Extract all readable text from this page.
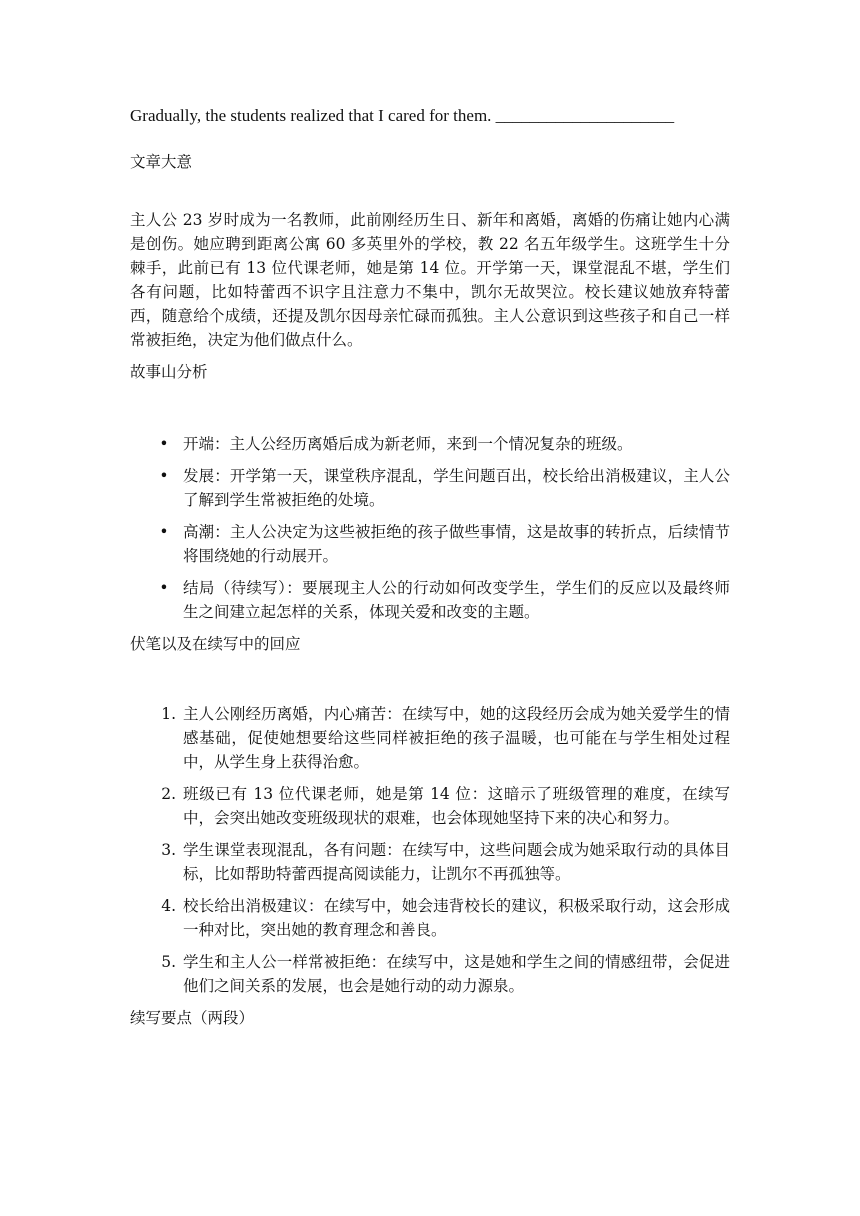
Gradually, the students realized that I cared for them. _____________________

文章大意

主人公 23 岁时成为一名教师，此前刚经历生日、新年和离婚，离婚的伤痛让她内心满是创伤。她应聘到距离公寓 60 多英里外的学校，教 22 名五年级学生。这班学生十分棘手，此前已有 13 位代课老师，她是第 14 位。开学第一天，课堂混乱不堪，学生们各有问题，比如特蕾西不识字且注意力不集中，凯尔无故哭泣。校长建议她放弃特蕾西，随意给个成绩，还提及凯尔因母亲忙碌而孤独。主人公意识到这些孩子和自己一样常被拒绝，决定为他们做点什么。

故事山分析

• 开端：主人公经历离婚后成为新老师，来到一个情况复杂的班级。
• 发展：开学第一天，课堂秩序混乱，学生问题百出，校长给出消极建议，主人公了解到学生常被拒绝的处境。
• 高潮：主人公决定为这些被拒绝的孩子做些事情，这是故事的转折点，后续情节将围绕她的行动展开。
• 结局（待续写）：要展现主人公的行动如何改变学生，学生们的反应以及最终师生之间建立起怎样的关系，体现关爱和改变的主题。

伏笔以及在续写中的回应

1. 主人公刚经历离婚，内心痛苦：在续写中，她的这段经历会成为她关爱学生的情感基础，促使她想要给这些同样被拒绝的孩子温暖，也可能在与学生相处过程中，从学生身上获得治愈。
2. 班级已有 13 位代课老师，她是第 14 位：这暗示了班级管理的难度，在续写中，会突出她改变班级现状的艰难，也会体现她坚持下来的决心和努力。
3. 学生课堂表现混乱，各有问题：在续写中，这些问题会成为她采取行动的具体目标，比如帮助特蕾西提高阅读能力，让凯尔不再孤独等。
4. 校长给出消极建议：在续写中，她会违背校长的建议，积极采取行动，这会形成一种对比，突出她的教育理念和善良。
5. 学生和主人公一样常被拒绝：在续写中，这是她和学生之间的情感纽带，会促进他们之间关系的发展，也会是她行动的动力源泉。

续写要点（两段）
